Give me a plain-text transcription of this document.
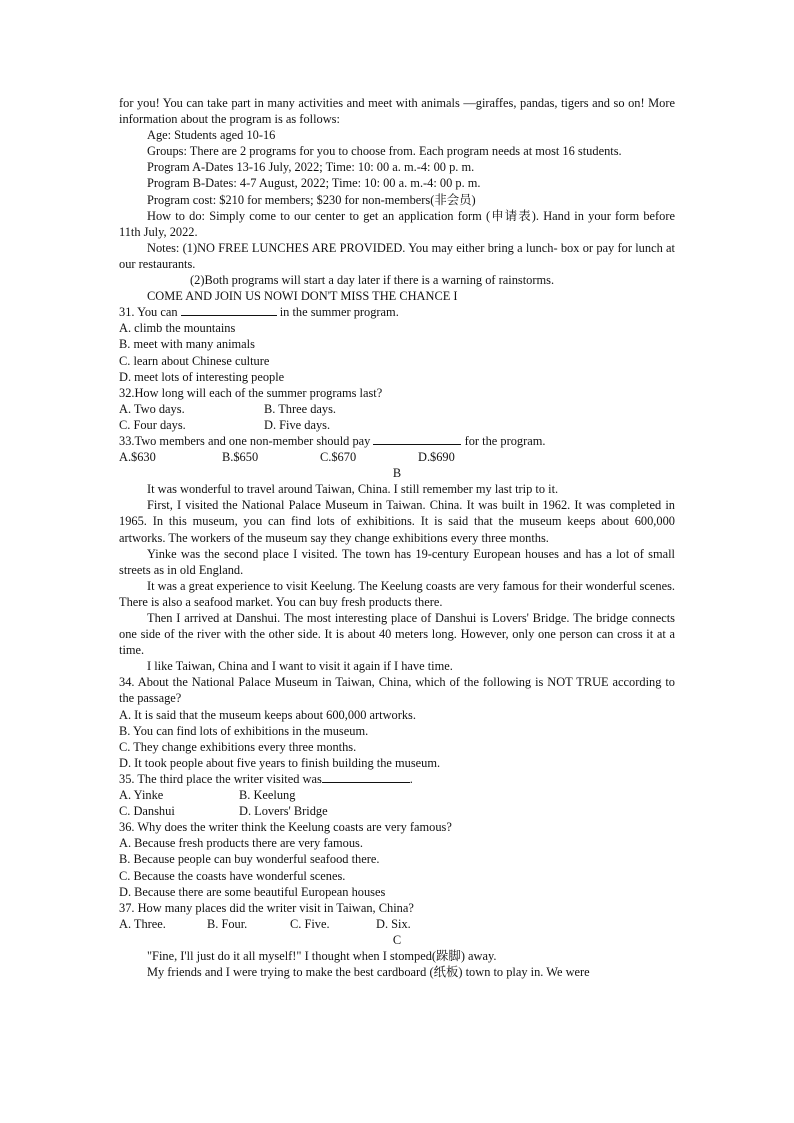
for you! You can take part in many activities and meet with animals —giraffes, pandas, tigers and so on! More information about the program is as follows:

Age: Students aged 10-16

Groups: There are 2 programs for you to choose from. Each program needs at most 16 students.

Program A-Dates 13-16 July, 2022; Time: 10: 00 a. m.-4: 00 p. m.

Program B-Dates: 4-7 August, 2022; Time: 10: 00 a. m.-4: 00 p. m.

Program cost: $210 for members; $230 for non-members(非会员)

How to do: Simply come to our center to get an application form (申请表). Hand in your form before 11th July, 2022.

Notes: (1)NO FREE LUNCHES ARE PROVIDED. You may either bring a lunch- box or pay for lunch at our restaurants.

(2)Both programs will start a day later if there is a warning of rainstorms.

COME AND JOIN US NOWI DON'T MISS THE CHANCE I

31. You can	in the summer program.

A. climb the mountains

B. meet with many animals

C. learn about Chinese culture

D. meet lots of interesting people

32.How long will each of the summer programs last?

A. Two days.	B. Three days.
C. Four days.	D. Five days.

33.Two members and one non-member should pay	for the program.

A.$630	B.$650	C.$670	D.$690

B

It was wonderful to travel around Taiwan, China. I still remember my last trip to it.

First, I visited the National Palace Museum in Taiwan. China. It was built in 1962. It was completed in 1965. In this museum, you can find lots of exhibitions. It is said that the museum keeps about 600,000 artworks. The workers of the museum say they change exhibitions every three months.

Yinke was the second place I visited. The town has 19-century European houses and has a lot of small streets as in old England.

It was a great experience to visit Keelung. The Keelung coasts are very famous for their wonderful scenes. There is also a seafood market. You can buy fresh products there.

Then I arrived at Danshui. The most interesting place of Danshui is Lovers' Bridge. The bridge connects one side of the river with the other side. It is about 40 meters long. However, only one person can cross it at a time.

I like Taiwan, China and I want to visit it again if I have time.

34. About the National Palace Museum in Taiwan, China, which of the following is NOT TRUE according to the passage?

A. It is said that the museum keeps about 600,000 artworks.

B. You can find lots of exhibitions in the museum.

C. They change exhibitions every three months.

D. It took people about five years to finish building the museum.

35. The third place the writer visited was	.

A. Yinke	B. Keelung
C. Danshui	D. Lovers' Bridge

36. Why does the writer think the Keelung coasts are very famous?

A. Because fresh products there are very famous.

B. Because people can buy wonderful seafood there.

C. Because the coasts have wonderful scenes.

D. Because there are some beautiful European houses

37. How many places did the writer visit in Taiwan, China?

A. Three.	B. Four.	C. Five.	D. Six.

C

"Fine, I'll just do it all myself!" I thought when I stomped(跺脚) away.

My friends and I were trying to make the best cardboard (纸板) town to play in. We were
